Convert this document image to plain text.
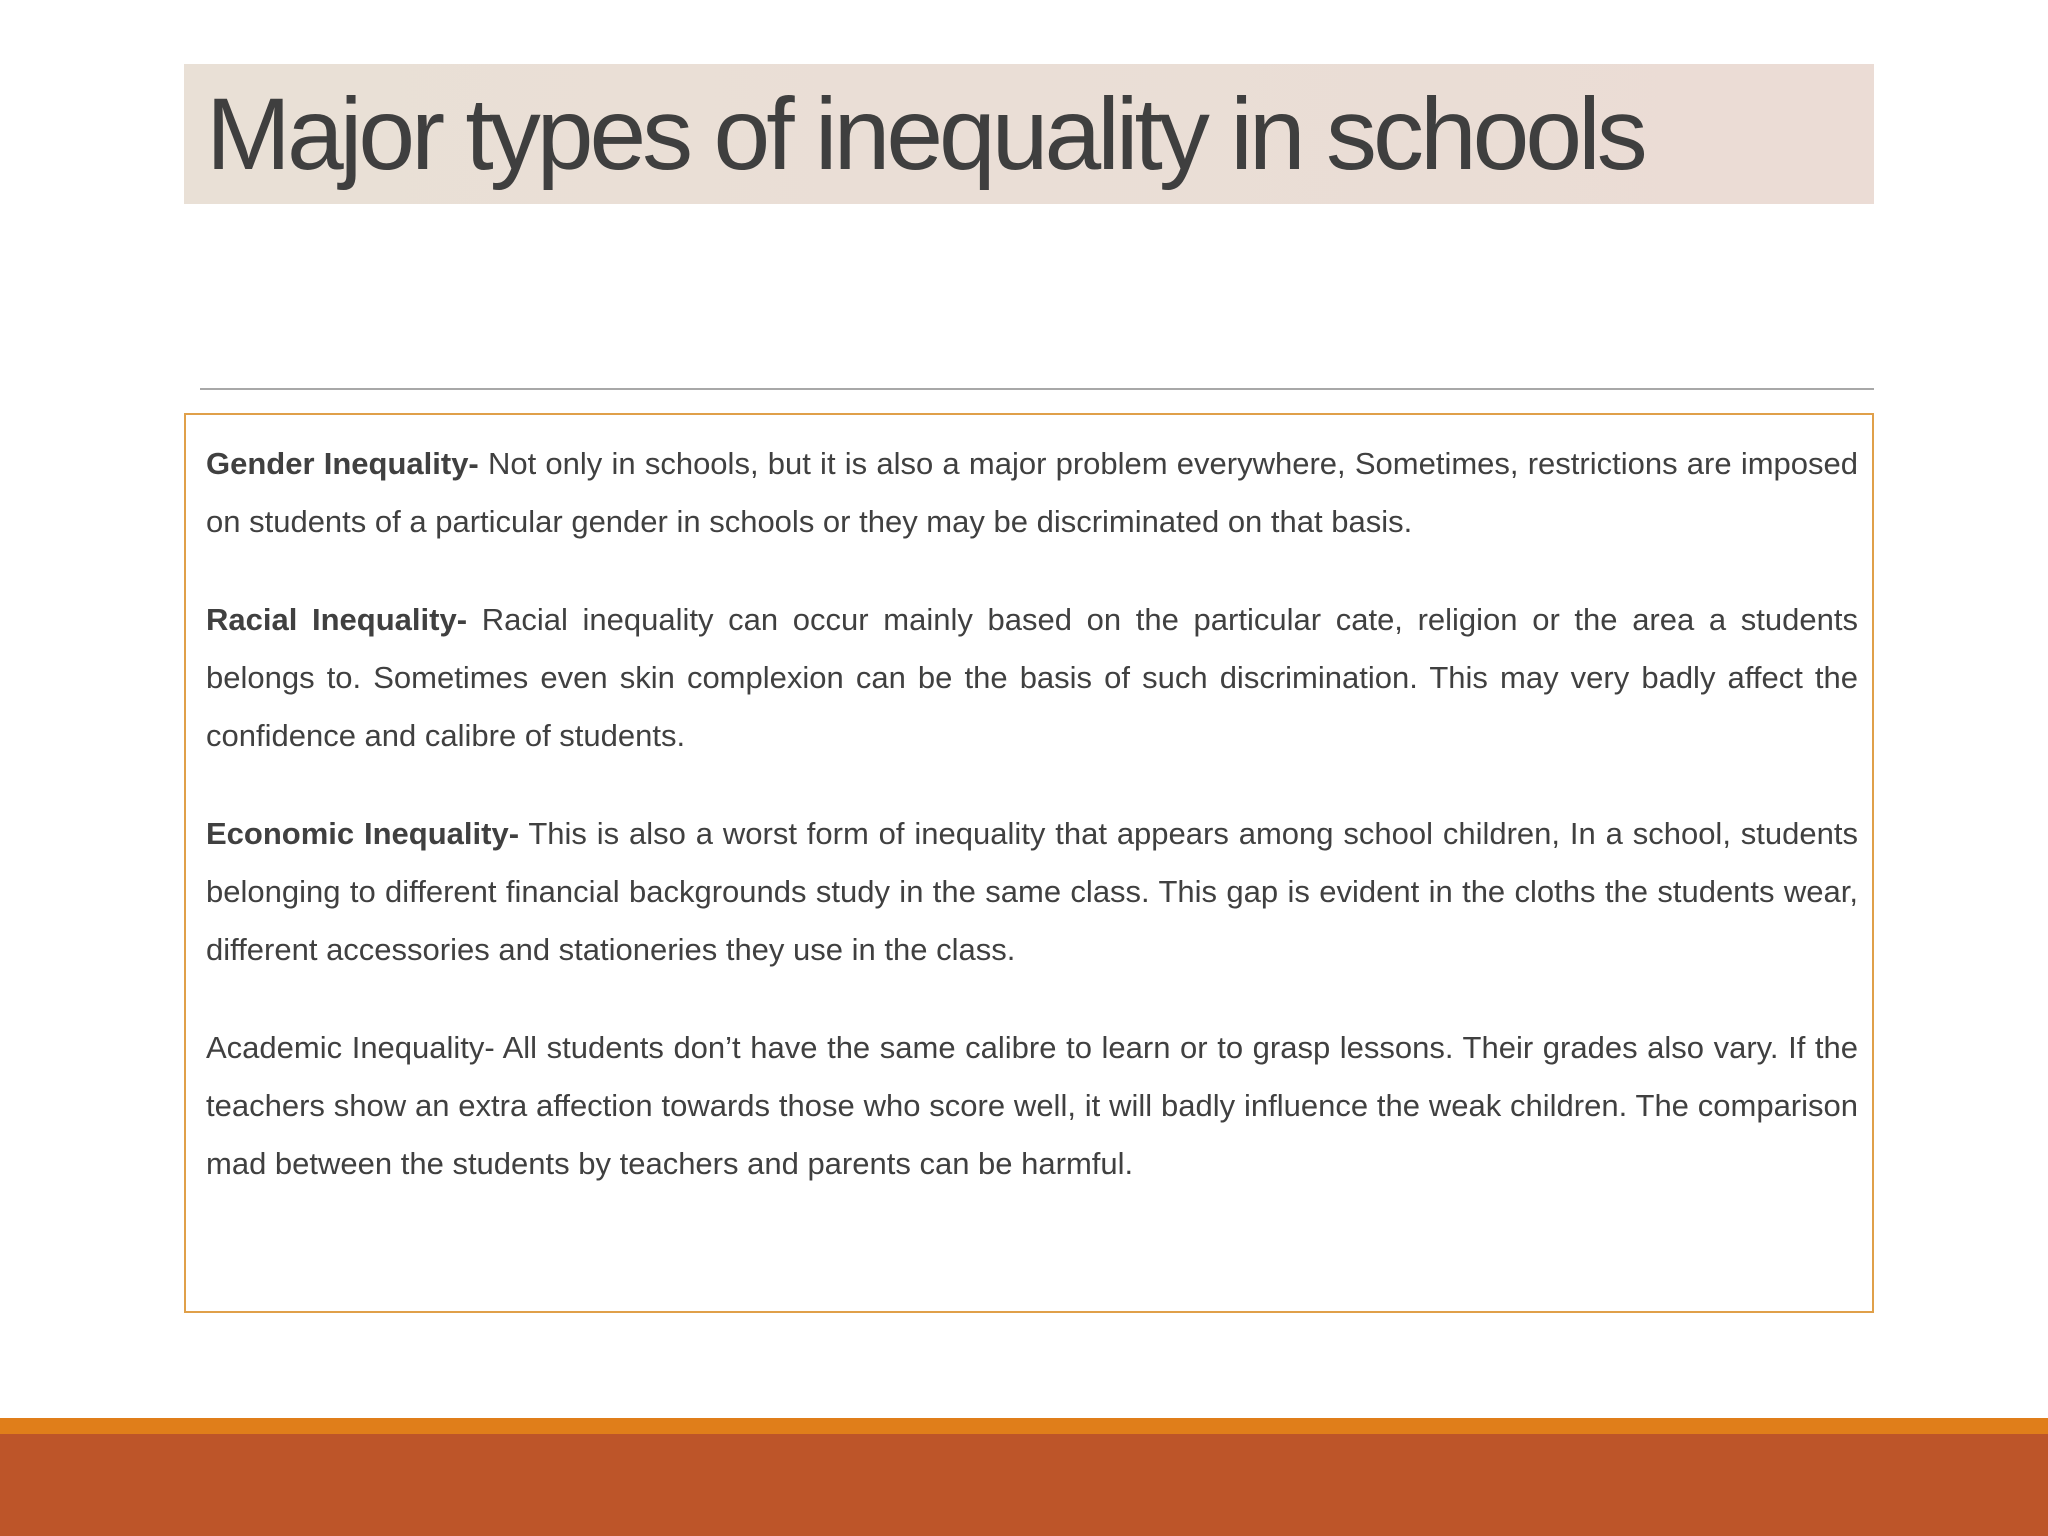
Major types of inequality in schools

Gender Inequality- Not only in schools, but it is also a major problem everywhere, Sometimes, restrictions are imposed on students of a particular gender in schools or they may be discriminated on that basis.

Racial Inequality- Racial inequality can occur mainly based on the particular cate, religion or the area a students belongs to. Sometimes even skin complexion can be the basis of such discrimination. This may very badly affect the confidence and calibre of students.

Economic Inequality- This is also a worst form of inequality that appears among school children, In a school, students belonging to different financial backgrounds study in the same class. This gap is evident in the cloths the students wear, different accessories and stationeries they use in the class.

Academic Inequality- All students don’t have the same calibre to learn or to grasp lessons. Their grades also vary. If the teachers show an extra affection towards those who score well, it will badly influence the weak children. The comparison mad between the students by teachers and parents can be harmful.
